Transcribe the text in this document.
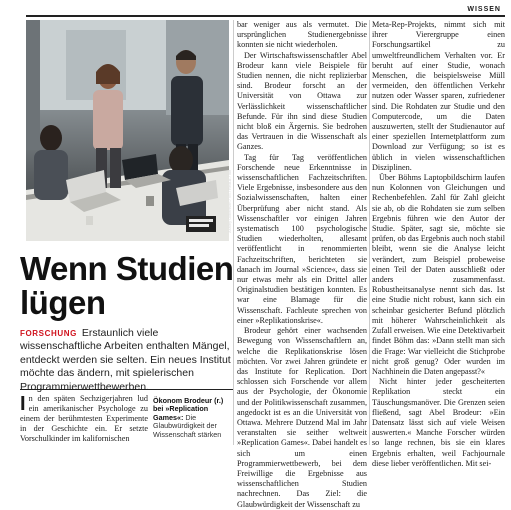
WISSEN
Ashley Gilbertson / VII / Redux / laif
Wenn Studien lügen
FORSCHUNG Erstaunlich viele wissenschaftliche Arbeiten enthalten Mängel, entdeckt werden sie selten. Ein neues Institut möchte das ändern, mit spielerischen Programmierwettbewerben.
I n den späten Sechzigerjahren lud ein amerikanischer Psychologe zu einem der berühmtesten Experimente in der Geschichte ein. Er setzte Vorschulkinder im kalifornischen
Ökonom Brodeur (r.) bei »Replication Games«: Die Glaubwürdigkeit der Wissenschaft stärken

bar weniger aus als vermutet. Die ursprünglichen Studienergebnisse konnten sie nicht wiederholen.

Der Wirtschaftswissenschaftler Abel Brodeur kann viele Beispiele für Studien nennen, die nicht replizierbar sind. Brodeur forscht an der Universität von Ottawa zur Verlässlichkeit wissenschaftlicher Befunde. Für ihn sind diese Studien nicht bloß ein Ärgernis. Sie bedrohen das Vertrauen in die Wissenschaft als Ganzes.

Tag für Tag veröffentlichen Forschende neue Erkenntnisse in wissenschaftlichen Fachzeitschriften. Viele Ergebnisse, insbesondere aus den Sozialwissenschaften, halten einer Überprüfung aber nicht stand. Als Wissenschaftler vor einigen Jahren systematisch 100 psychologische Studien wiederholten, allesamt veröffentlicht in renommierten Fachzeitschriften, berichteten sie danach im Journal »Science«, dass sie nur etwas mehr als ein Drittel aller Originalstudien bestätigen konnten. Es war eine Blamage für die Wissenschaft. Fachleute sprechen von einer »Replikationskrise«.

Brodeur gehört einer wachsenden Bewegung von Wissenschaftlern an, welche die Replikationskrise lösen möchten. Vor zwei Jahren gründete er das Institute for Replication. Dort schlossen sich Forschende vor allem aus der Psychologie, der Ökonomie und der Politikwissenschaft zusammen, angedockt ist es an die Universität von Ottawa. Mehrere Dutzend Mal im Jahr veranstalten sie seither weltweit »Replication Games«. Dabei handelt es sich um einen Programmierwettbewerb, bei dem Freiwillige die Ergebnisse aus wissenschaftlichen Studien nachrechnen. Das Ziel: die Glaubwürdigkeit der Wissenschaft zu

Meta-Rep-Projekts, nimmt sich mit ihrer Vierergruppe einen Forschungsartikel zu umweltfreundlichem Verhalten vor. Er beruht auf einer Studie, wonach Menschen, die beispielsweise Müll vermeiden, den öffentlichen Verkehr nutzen oder Wasser sparen, zufriedener sind. Die Rohdaten zur Studie und den Computercode, um die Daten auszuwerten, stellt der Studienautor auf einer speziellen Internetplattform zum Download zur Verfügung; so ist es üblich in vielen wissenschaftlichen Disziplinen.

Über Böhms Laptopbildschirm laufen nun Kolonnen von Gleichungen und Rechenbefehlen. Zahl für Zahl gleicht sie ab, ob die Rohdaten sie zum selben Ergebnis führen wie den Autor der Studie. Später, sagt sie, möchte sie prüfen, ob das Ergebnis auch noch stabil bleibt, wenn sie die Analyse leicht verändert, zum Beispiel probeweise einen Teil der Daten ausschließt oder anders zusammenfasst. Robustheitsanalyse nennt sich das. Ist eine Studie nicht robust, kann sich ein scheinbar gesicherter Befund plötzlich mit höherer Wahrscheinlichkeit als Zufall erweisen. Wie eine Detektivarbeit findet Böhm das: »Dann stellt man sich die Frage: War vielleicht die Stichprobe nicht groß genug? Oder wurden im Nachhinein die Daten angepasst?«

Nicht hinter jeder gescheiterten Replikation steckt ein Täuschungsmanöver. Die Grenzen seien fließend, sagt Abel Brodeur: »Ein Datensatz lässt sich auf viele Weisen auswerten.« Manche Forscher würden so lange rechnen, bis sie ein klares Ergebnis erhalten, weil Fachjournale diese lieber veröffentlichen. Mit sei-
